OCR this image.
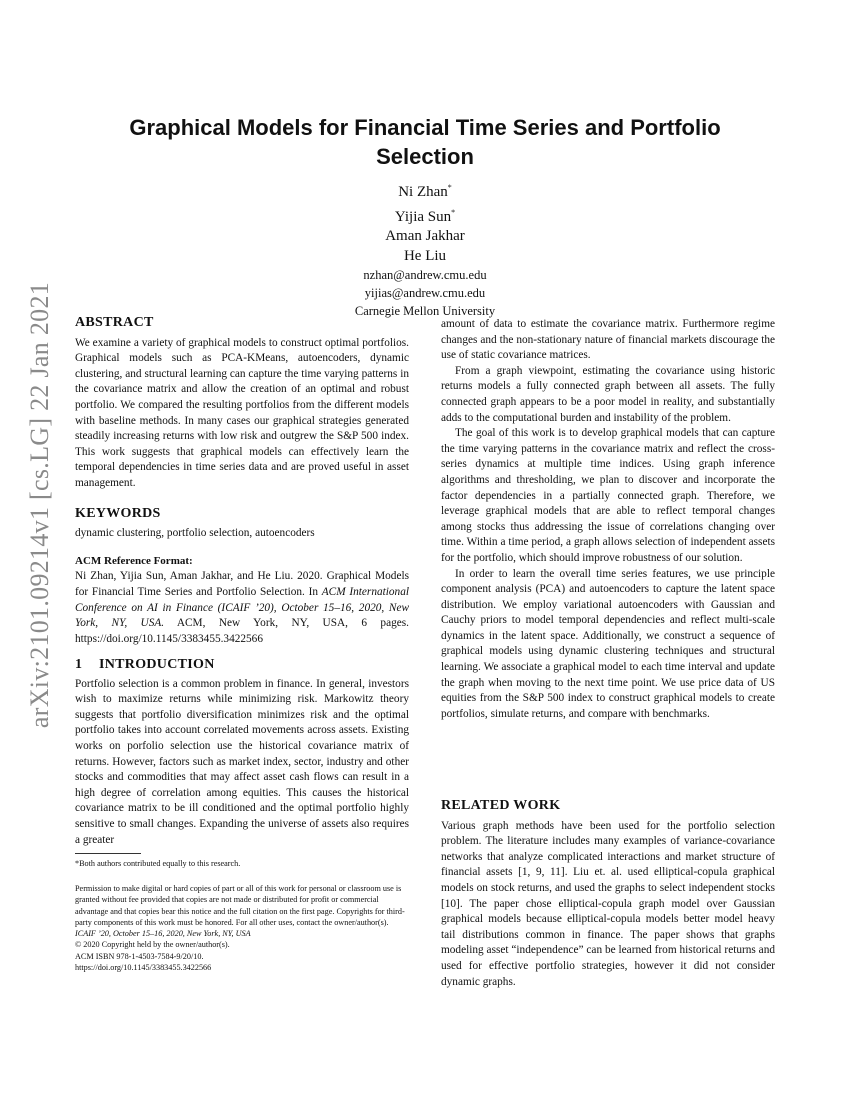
arXiv:2101.09214v1 [cs.LG] 22 Jan 2021
Graphical Models for Financial Time Series and Portfolio Selection
Ni Zhan*
Yijia Sun*
Aman Jakhar
He Liu
nzhan@andrew.cmu.edu
yijias@andrew.cmu.edu
Carnegie Mellon University
ABSTRACT

We examine a variety of graphical models to construct optimal portfolios. Graphical models such as PCA-KMeans, autoencoders, dynamic clustering, and structural learning can capture the time varying patterns in the covariance matrix and allow the creation of an optimal and robust portfolio. We compared the resulting portfolios from the different models with baseline methods. In many cases our graphical strategies generated steadily increasing returns with low risk and outgrew the S&P 500 index. This work suggests that graphical models can effectively learn the temporal dependencies in time series data and are proved useful in asset management.

KEYWORDS

dynamic clustering, portfolio selection, autoencoders

ACM Reference Format:

Ni Zhan, Yijia Sun, Aman Jakhar, and He Liu. 2020. Graphical Models for Financial Time Series and Portfolio Selection. In ACM International Conference on AI in Finance (ICAIF ’20), October 15–16, 2020, New York, NY, USA. ACM, New York, NY, USA, 6 pages. https://doi.org/10.1145/3383455.3422566

1 INTRODUCTION

Portfolio selection is a common problem in finance. In general, investors wish to maximize returns while minimizing risk. Markowitz theory suggests that portfolio diversification minimizes risk and the optimal portfolio takes into account correlated movements across assets. Existing works on porfolio selection use the historical covariance matrix of returns. However, factors such as market index, sector, industry and other stocks and commodities that may affect asset cash flows can result in a high degree of correlation among equities. This causes the historical covariance matrix to be ill conditioned and the optimal portfolio highly sensitive to small changes. Expanding the universe of assets also requires a greater

*Both authors contributed equally to this research.

Permission to make digital or hard copies of part or all of this work for personal or classroom use is granted without fee provided that copies are not made or distributed for profit or commercial advantage and that copies bear this notice and the full citation on the first page. Copyrights for third-party components of this work must be honored. For all other uses, contact the owner/author(s).

ICAIF ’20, October 15–16, 2020, New York, NY, USA

© 2020 Copyright held by the owner/author(s).

ACM ISBN 978-1-4503-7584-9/20/10.

https://doi.org/10.1145/3383455.3422566

amount of data to estimate the covariance matrix. Furthermore regime changes and the non-stationary nature of financial markets discourage the use of static covariance matrices.

From a graph viewpoint, estimating the covariance using historic returns models a fully connected graph between all assets. The fully connected graph appears to be a poor model in reality, and substantially adds to the computational burden and instability of the problem.

The goal of this work is to develop graphical models that can capture the time varying patterns in the covariance matrix and reflect the cross-series dynamics at multiple time indices. Using graph inference algorithms and thresholding, we plan to discover and incorporate the factor dependencies in a partially connected graph. Therefore, we leverage graphical models that are able to reflect temporal changes among stocks thus addressing the issue of correlations changing over time. Within a time period, a graph allows selection of independent assets for the portfolio, which should improve robustness of our solution.

In order to learn the overall time series features, we use principle component analysis (PCA) and autoencoders to capture the latent space distribution. We employ variational autoencoders with Gaussian and Cauchy priors to model temporal dependencies and reflect multi-scale dynamics in the latent space. Additionally, we construct a sequence of graphical models using dynamic clustering techniques and structural learning. We associate a graphical model to each time interval and update the graph when moving to the next time point. We use price data of US equities from the S&P 500 index to construct graphical models to create portfolios, simulate returns, and compare with benchmarks.

RELATED WORK

Various graph methods have been used for the portfolio selection problem. The literature includes many examples of variance-covariance networks that analyze complicated interactions and market structure of financial assets [1, 9, 11]. Liu et. al. used elliptical-copula graphical models on stock returns, and used the graphs to select independent stocks [10]. The paper chose elliptical-copula graph model over Gaussian graphical models because elliptical-copula models better model heavy tail distributions common in finance. The paper shows that graphs modeling asset “independence” can be learned from historical returns and used for effective portfolio strategies, however it did not consider dynamic graphs.
